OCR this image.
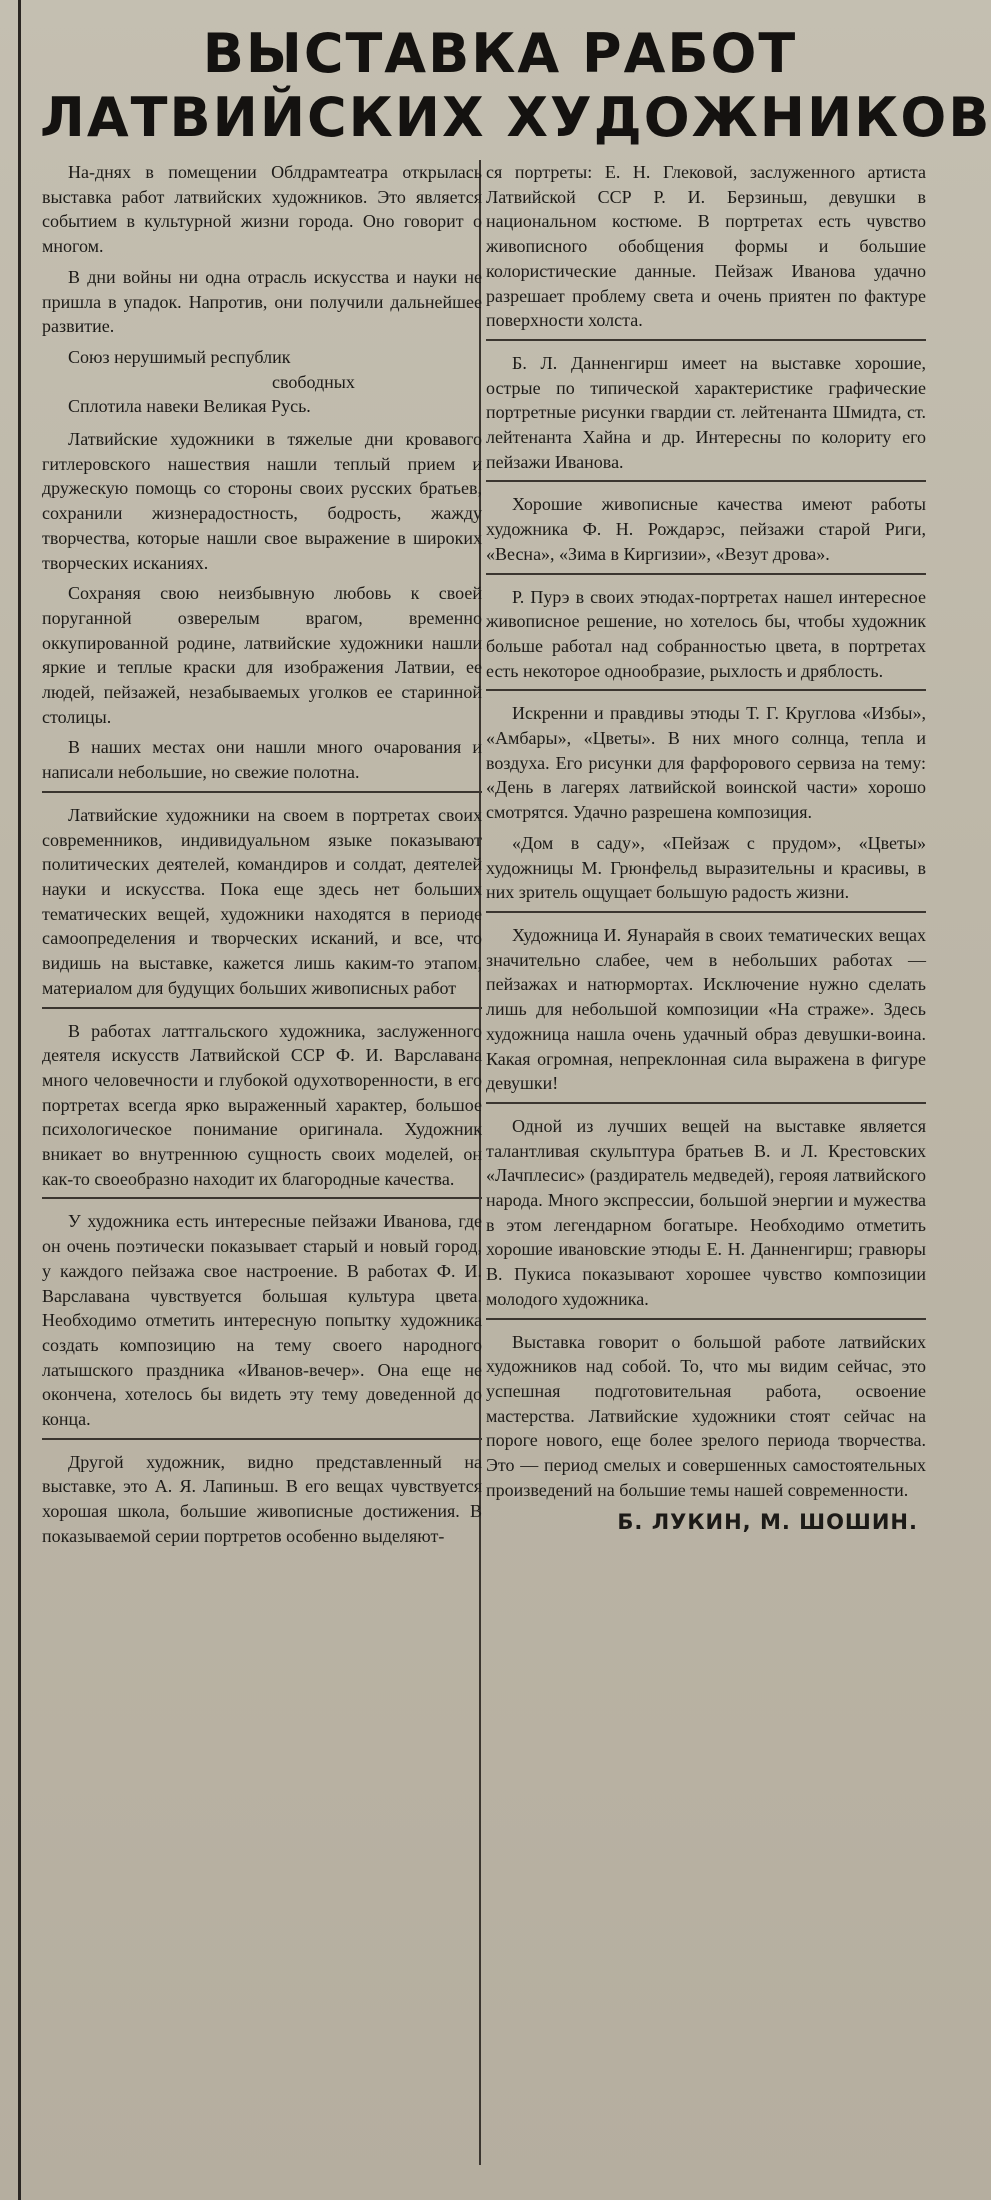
ВЫСТАВКА РАБОТ
ЛАТВИЙСКИХ ХУДОЖНИКОВ

На-днях в помещении Облдрамтеатра открылась выставка работ латвийских художников. Это является событием в культурной жизни города. Оно говорит о многом.

В дни войны ни одна отрасль искусства и науки не пришла в упадок. Напротив, они получили дальнейшее развитие.

Союз нерушимый республик
свободных
Сплотила навеки Великая Русь.

Латвийские художники в тяжелые дни кровавого гитлеровского нашествия нашли теплый прием и дружескую помощь со стороны своих русских братьев, сохранили жизнерадостность, бодрость, жажду творчества, которые нашли свое выражение в широких творческих исканиях.

Сохраняя свою неизбывную любовь к своей поруганной озверелым врагом, временно оккупированной родине, латвийские художники нашли яркие и теплые краски для изображения Латвии, ее людей, пейзажей, незабываемых уголков ее старинной столицы.

В наших местах они нашли много очарования и написали небольшие, но свежие полотна.

Латвийские художники на своем в портретах своих современников, индивидуальном языке показывают политических деятелей, командиров и солдат, деятелей науки и искусства. Пока еще здесь нет больших тематических вещей, художники находятся в периоде самоопределения и творческих исканий, и все, что видишь на выставке, кажется лишь каким-то этапом, материалом для будущих больших живописных работ

В работах латтгальского художника, заслуженного деятеля искусств Латвийской ССР Ф. И. Варславана много человечности и глубокой одухотворенности, в его портретах всегда ярко выраженный характер, большое психологическое понимание оригинала. Художник вникает во внутреннюю сущность своих моделей, он как-то своеобразно находит их благородные качества.

У художника есть интересные пейзажи Иванова, где он очень поэтически показывает старый и новый город, у каждого пейзажа свое настроение. В работах Ф. И. Варславана чувствуется большая культура цвета. Необходимо отметить интересную попытку художника создать композицию на тему своего народного латышского праздника «Иванов-вечер». Она еще не окончена, хотелось бы видеть эту тему доведенной до конца.

Другой художник, видно представленный на выставке, это А. Я. Лапиньш. В его вещах чувствуется хорошая школа, большие живописные достижения. В показываемой серии портретов особенно выделяют-

ся портреты: Е. Н. Глековой, заслуженного артиста Латвийской ССР Р. И. Берзиньш, девушки в национальном костюме. В портретах есть чувство живописного обобщения формы и большие колористические данные. Пейзаж Иванова удачно разрешает проблему света и очень приятен по фактуре поверхности холста.

Б. Л. Данненгирш имеет на выставке хорошие, острые по типической характеристике графические портретные рисунки гвардии ст. лейтенанта Шмидта, ст. лейтенанта Хайна и др. Интересны по колориту его пейзажи Иванова.

Хорошие живописные качества имеют работы художника Ф. Н. Рождарэс, пейзажи старой Риги, «Весна», «Зима в Киргизии», «Везут дрова».

Р. Пурэ в своих этюдах-портретах нашел интересное живописное решение, но хотелось бы, чтобы художник больше работал над собранностью цвета, в портретах есть некоторое однообразие, рыхлость и дряблость.

Искренни и правдивы этюды Т. Г. Круглова «Избы», «Амбары», «Цветы». В них много солнца, тепла и воздуха. Его рисунки для фарфорового сервиза на тему: «День в лагерях латвийской воинской части» хорошо смотрятся. Удачно разрешена композиция.

«Дом в саду», «Пейзаж с прудом», «Цветы» художницы М. Грюнфельд выразительны и красивы, в них зритель ощущает большую радость жизни.

Художница И. Яунарайя в своих тематических вещах значительно слабее, чем в небольших работах — пейзажах и натюрмортах. Исключение нужно сделать лишь для небольшой композиции «На страже». Здесь художница нашла очень удачный образ девушки-воина. Какая огромная, непреклонная сила выражена в фигуре девушки!

Одной из лучших вещей на выставке является талантливая скульптура братьев В. и Л. Крестовских «Лачплесис» (раздиратель медведей), герояя латвийского народа. Много экспрессии, большой энергии и мужества в этом легендарном богатыре. Необходимо отметить хорошие ивановские этюды Е. Н. Данненгирш; гравюры В. Пукиса показывают хорошее чувство композиции молодого художника.

Выставка говорит о большой работе латвийских художников над собой. То, что мы видим сейчас, это успешная подготовительная работа, освоение мастерства. Латвийские художники стоят сейчас на пороге нового, еще более зрелого периода творчества. Это — период смелых и совершенных самостоятельных произведений на большие темы нашей современности.

Б. ЛУКИН, М. ШОШИН.
